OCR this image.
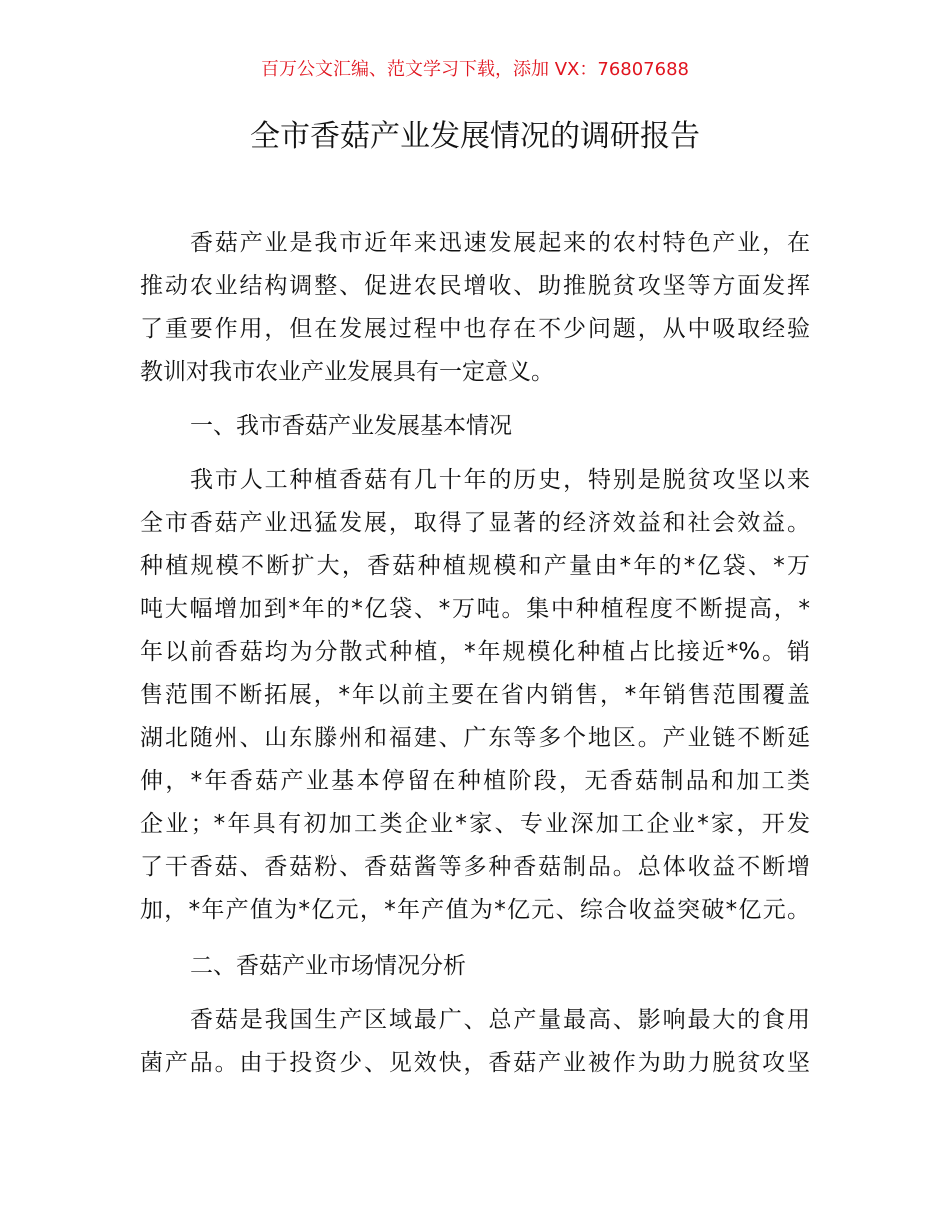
百万公文汇编、范文学习下载，添加 VX：76807688
全市香菇产业发展情况的调研报告
香菇产业是我市近年来迅速发展起来的农村特色产业，在
推动农业结构调整、促进农民增收、助推脱贫攻坚等方面发挥
了重要作用，但在发展过程中也存在不少问题，从中吸取经验
教训对我市农业产业发展具有一定意义。
一、我市香菇产业发展基本情况
我市人工种植香菇有几十年的历史，特别是脱贫攻坚以来
全市香菇产业迅猛发展，取得了显著的经济效益和社会效益。
种植规模不断扩大，香菇种植规模和产量由*年的*亿袋、*万
吨大幅增加到*年的*亿袋、*万吨。集中种植程度不断提高，*
年以前香菇均为分散式种植，*年规模化种植占比接近*%。销
售范围不断拓展，*年以前主要在省内销售，*年销售范围覆盖
湖北随州、山东滕州和福建、广东等多个地区。产业链不断延
伸，*年香菇产业基本停留在种植阶段，无香菇制品和加工类
企业；*年具有初加工类企业*家、专业深加工企业*家，开发
了干香菇、香菇粉、香菇酱等多种香菇制品。总体收益不断增
加，*年产值为*亿元，*年产值为*亿元、综合收益突破*亿元。
二、香菇产业市场情况分析
香菇是我国生产区域最广、总产量最高、影响最大的食用
菌产品。由于投资少、见效快，香菇产业被作为助力脱贫攻坚
